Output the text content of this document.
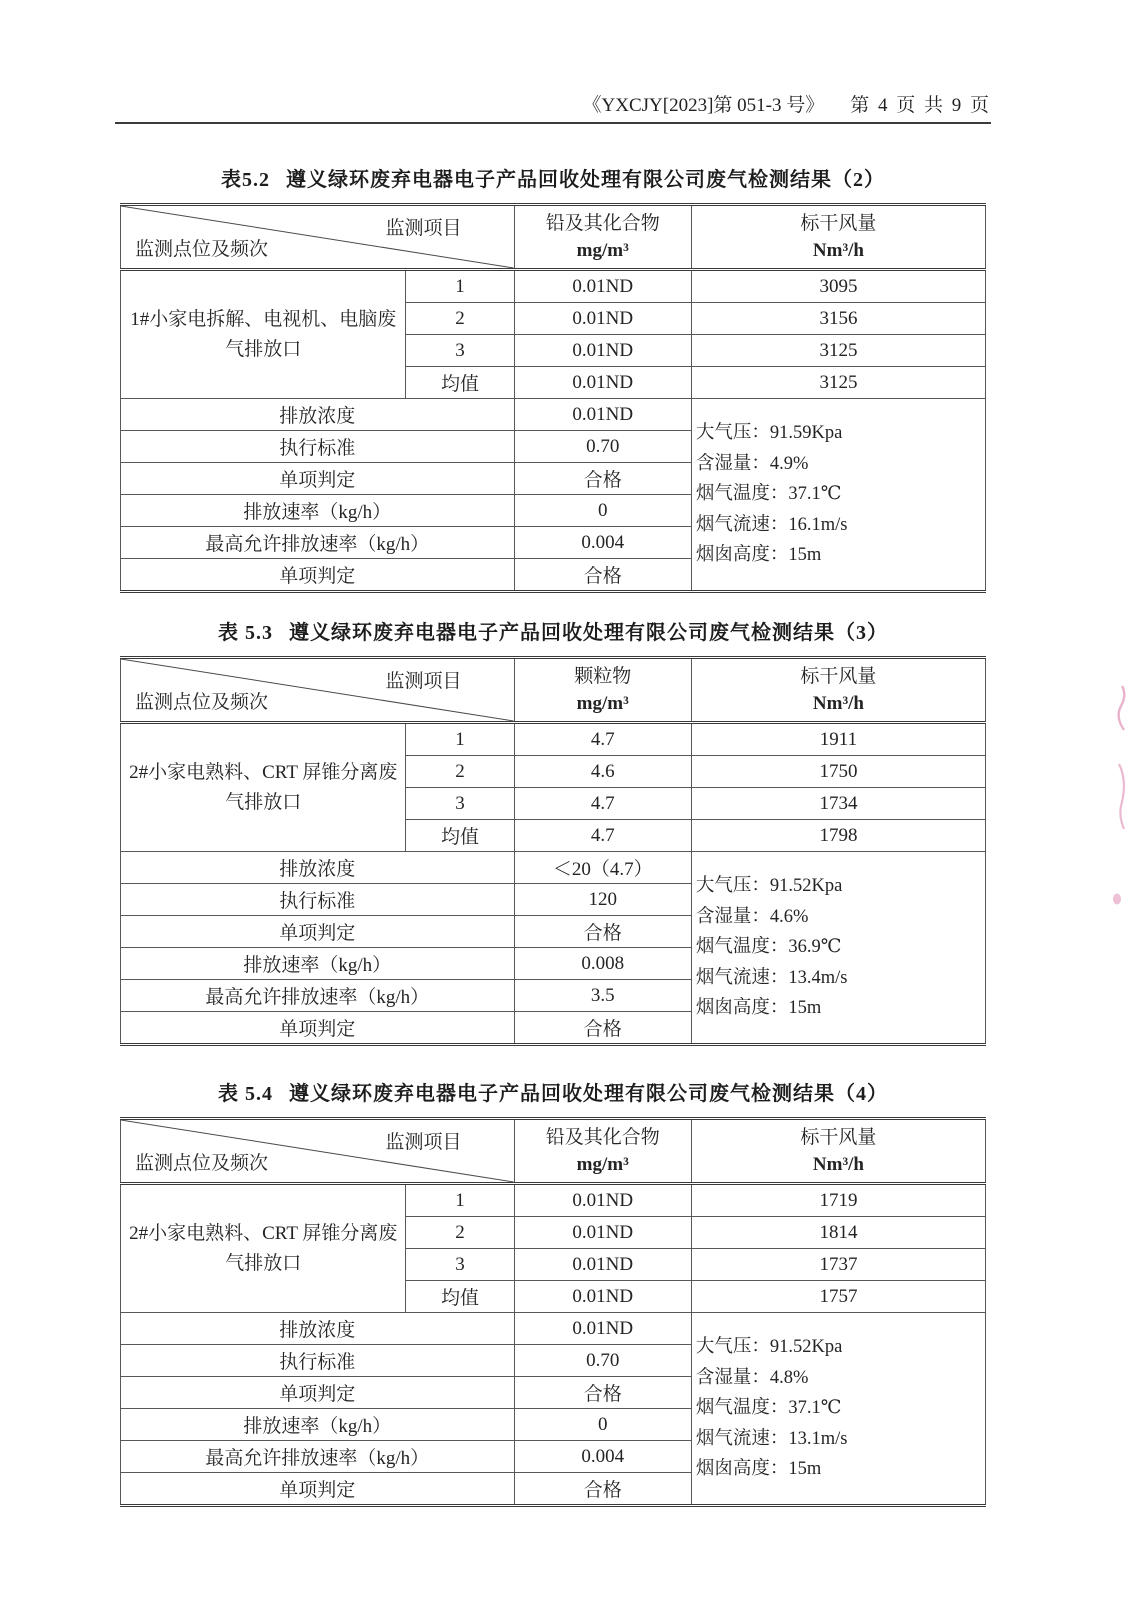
《YXCJY[2023]第 051-3 号》 第 4 页 共 9 页
表5.2 遵义绿环废弃电器电子产品回收处理有限公司废气检测结果（2）
监测项目
监测点位及频次

铅及其化合物
mg/m³

标干风量
Nm³/h

1#小家电拆解、电视机、电脑废气排放口	1	0.01ND	3095
	2	0.01ND	3156
	3	0.01ND	3125
	均值	0.01ND	3125
排放浓度		0.01ND	大气压：91.59Kpa
含湿量：4.9%
烟气温度：37.1℃
烟气流速：16.1m/s
烟囱高度：15m

执行标准		0.70	
单项判定		合格	
排放速率（kg/h）		0	
最高允许排放速率（kg/h）		0.004	
单项判定		合格	
表 5.3 遵义绿环废弃电器电子产品回收处理有限公司废气检测结果（3）
监测项目
监测点位及频次

颗粒物
mg/m³

标干风量
Nm³/h

2#小家电熟料、CRT 屏锥分离废气排放口	1	4.7	1911
	2	4.6	1750
	3	4.7	1734
	均值	4.7	1798
排放浓度		＜20（4.7）	大气压：91.52Kpa
含湿量：4.6%
烟气温度：36.9℃
烟气流速：13.4m/s
烟囱高度：15m

执行标准		120	
单项判定		合格	
排放速率（kg/h）		0.008	
最高允许排放速率（kg/h）		3.5	
单项判定		合格	
表 5.4 遵义绿环废弃电器电子产品回收处理有限公司废气检测结果（4）
监测项目
监测点位及频次

铅及其化合物
mg/m³

标干风量
Nm³/h

2#小家电熟料、CRT 屏锥分离废气排放口	1	0.01ND	1719
	2	0.01ND	1814
	3	0.01ND	1737
	均值	0.01ND	1757
排放浓度		0.01ND	大气压：91.52Kpa
含湿量：4.8%
烟气温度：37.1℃
烟气流速：13.1m/s
烟囱高度：15m

执行标准		0.70	
单项判定		合格	
排放速率（kg/h）		0	
最高允许排放速率（kg/h）		0.004	
单项判定		合格	
